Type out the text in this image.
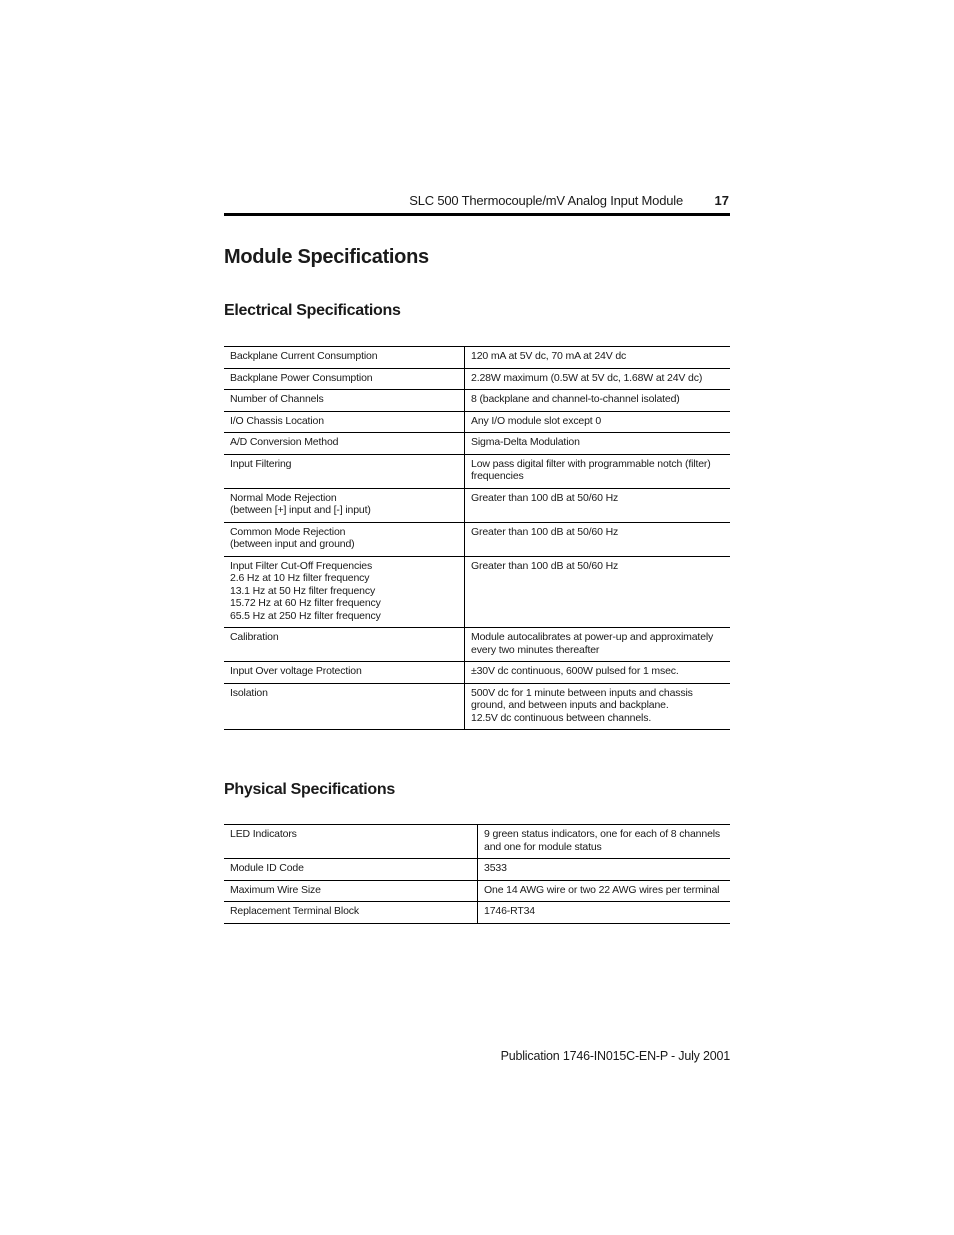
SLC 500 Thermocouple/mV Analog Input Module 17
Module Specifications
Electrical Specifications
Backplane Current Consumption	120 mA at 5V dc, 70 mA at 24V dc
Backplane Power Consumption	2.28W maximum (0.5W at 5V dc, 1.68W at 24V dc)
Number of Channels	8 (backplane and channel-to-channel isolated)
I/O Chassis Location	Any I/O module slot except 0
A/D Conversion Method	Sigma-Delta Modulation
Input Filtering	Low pass digital filter with programmable notch (filter)
frequencies
Normal Mode Rejection
(between [+] input and [-] input)	Greater than 100 dB at 50/60 Hz
Common Mode Rejection
(between input and ground)	Greater than 100 dB at 50/60 Hz
Input Filter Cut-Off Frequencies
2.6 Hz at 10 Hz filter frequency
13.1 Hz at 50 Hz filter frequency
15.72 Hz at 60 Hz filter frequency
65.5 Hz at 250 Hz filter frequency	Greater than 100 dB at 50/60 Hz
Calibration	Module autocalibrates at power-up and approximately
every two minutes thereafter
Input Over voltage Protection	±30V dc continuous, 600W pulsed for 1 msec.
Isolation	500V dc for 1 minute between inputs and chassis
ground, and between inputs and backplane.
12.5V dc continuous between channels.
Physical Specifications
LED Indicators	9 green status indicators, one for each of 8 channels
and one for module status
Module ID Code	3533
Maximum Wire Size	One 14 AWG wire or two 22 AWG wires per terminal
Replacement Terminal Block	1746-RT34
Publication 1746-IN015C-EN-P - July 2001
